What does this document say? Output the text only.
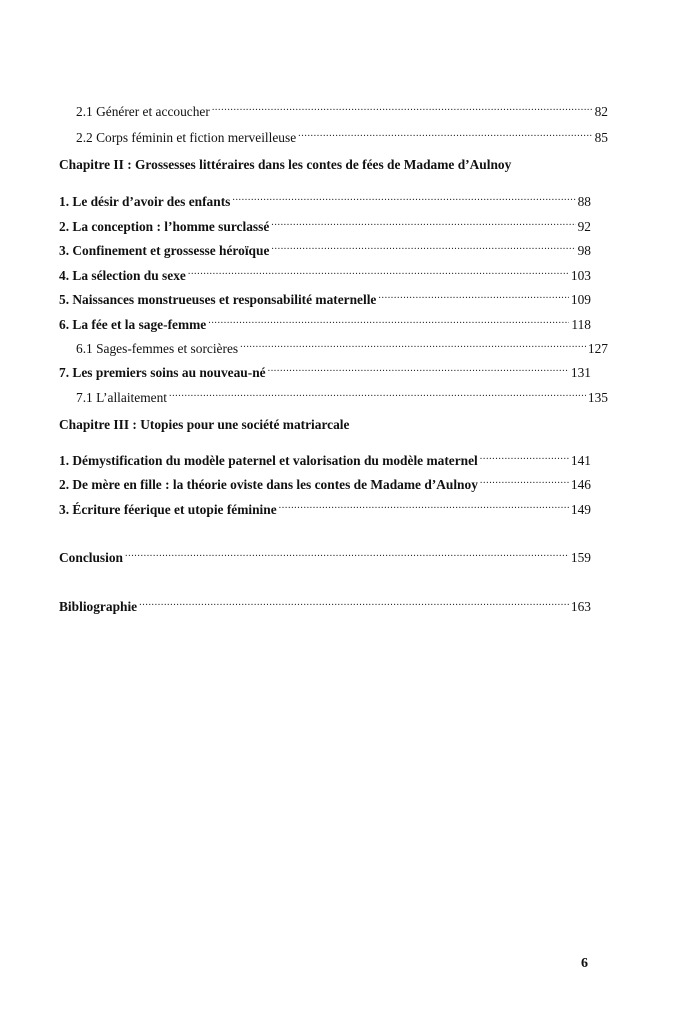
2.1 Générer et accoucher .....	82
2.2 Corps féminin et fiction merveilleuse .....	85
Chapitre II : Grossesses littéraires dans les contes de fées de Madame d’Aulnoy
1. Le désir d’avoir des enfants .....	88
2. La conception : l’homme surclassé .....	92
3. Confinement et grossesse héroïque .....	98
4. La sélection du sexe .....	103
5. Naissances monstrueuses et responsabilité maternelle .....	109
6. La fée et la sage-femme .....	118
6.1 Sages-femmes et sorcières .....	127
7. Les premiers soins au nouveau-né .....	131
7.1 L’allaitement .....	135
Chapitre III : Utopies pour une société matriarcale
1. Démystification du modèle paternel et valorisation du modèle maternel .....	141
2. De mère en fille : la théorie oviste dans les contes de Madame d’Aulnoy .....	146
3. Écriture féerique et utopie féminine .....	149
Conclusion .....	159
Bibliographie .....	163
6
